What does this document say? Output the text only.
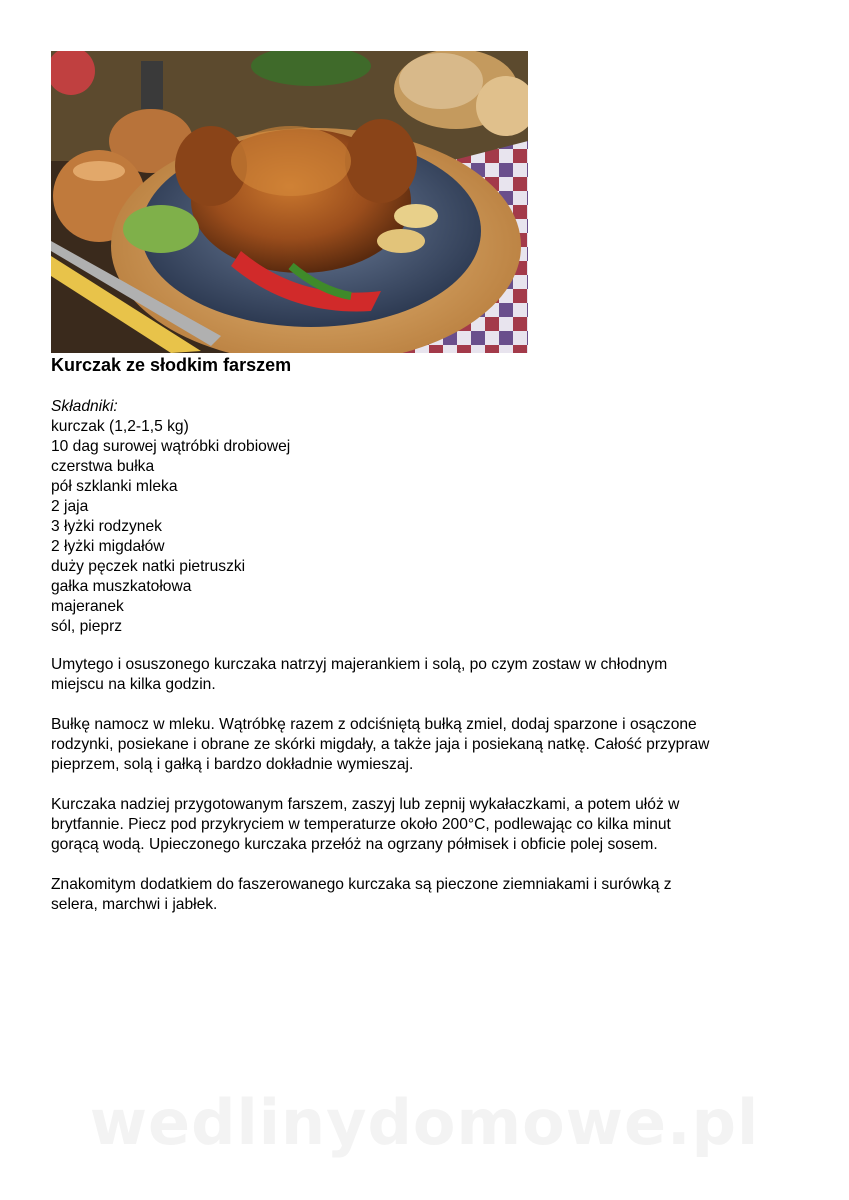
Kurczak ze słodkim farszem
Składniki:
kurczak (1,2-1,5 kg)
10 dag surowej wątróbki drobiowej
czerstwa bułka
pół szklanki mleka
2 jaja
3 łyżki rodzynek
2 łyżki migdałów
duży pęczek natki pietruszki
gałka muszkatołowa
majeranek
sól, pieprz

Umytego i osuszonego kurczaka natrzyj majerankiem i solą, po czym zostaw w chłodnym
miejscu na kilka godzin.

Bułkę namocz w mleku. Wątróbkę razem z odciśniętą bułką zmiel, dodaj sparzone i osączone
rodzynki, posiekane i obrane ze skórki migdały, a także jaja i posiekaną natkę. Całość przypraw
pieprzem, solą i gałką i bardzo dokładnie wymieszaj.

Kurczaka nadziej przygotowanym farszem, zaszyj lub zepnij wykałaczkami, a potem ułóż w
brytfannie. Piecz pod przykryciem w temperaturze około 200°C, podlewając co kilka minut
gorącą wodą. Upieczonego kurczaka przełóż na ogrzany półmisek i obficie polej sosem.

Znakomitym dodatkiem do faszerowanego kurczaka są pieczone ziemniakami i surówką z
selera, marchwi i jabłek.

wedlinydomowe.pl
